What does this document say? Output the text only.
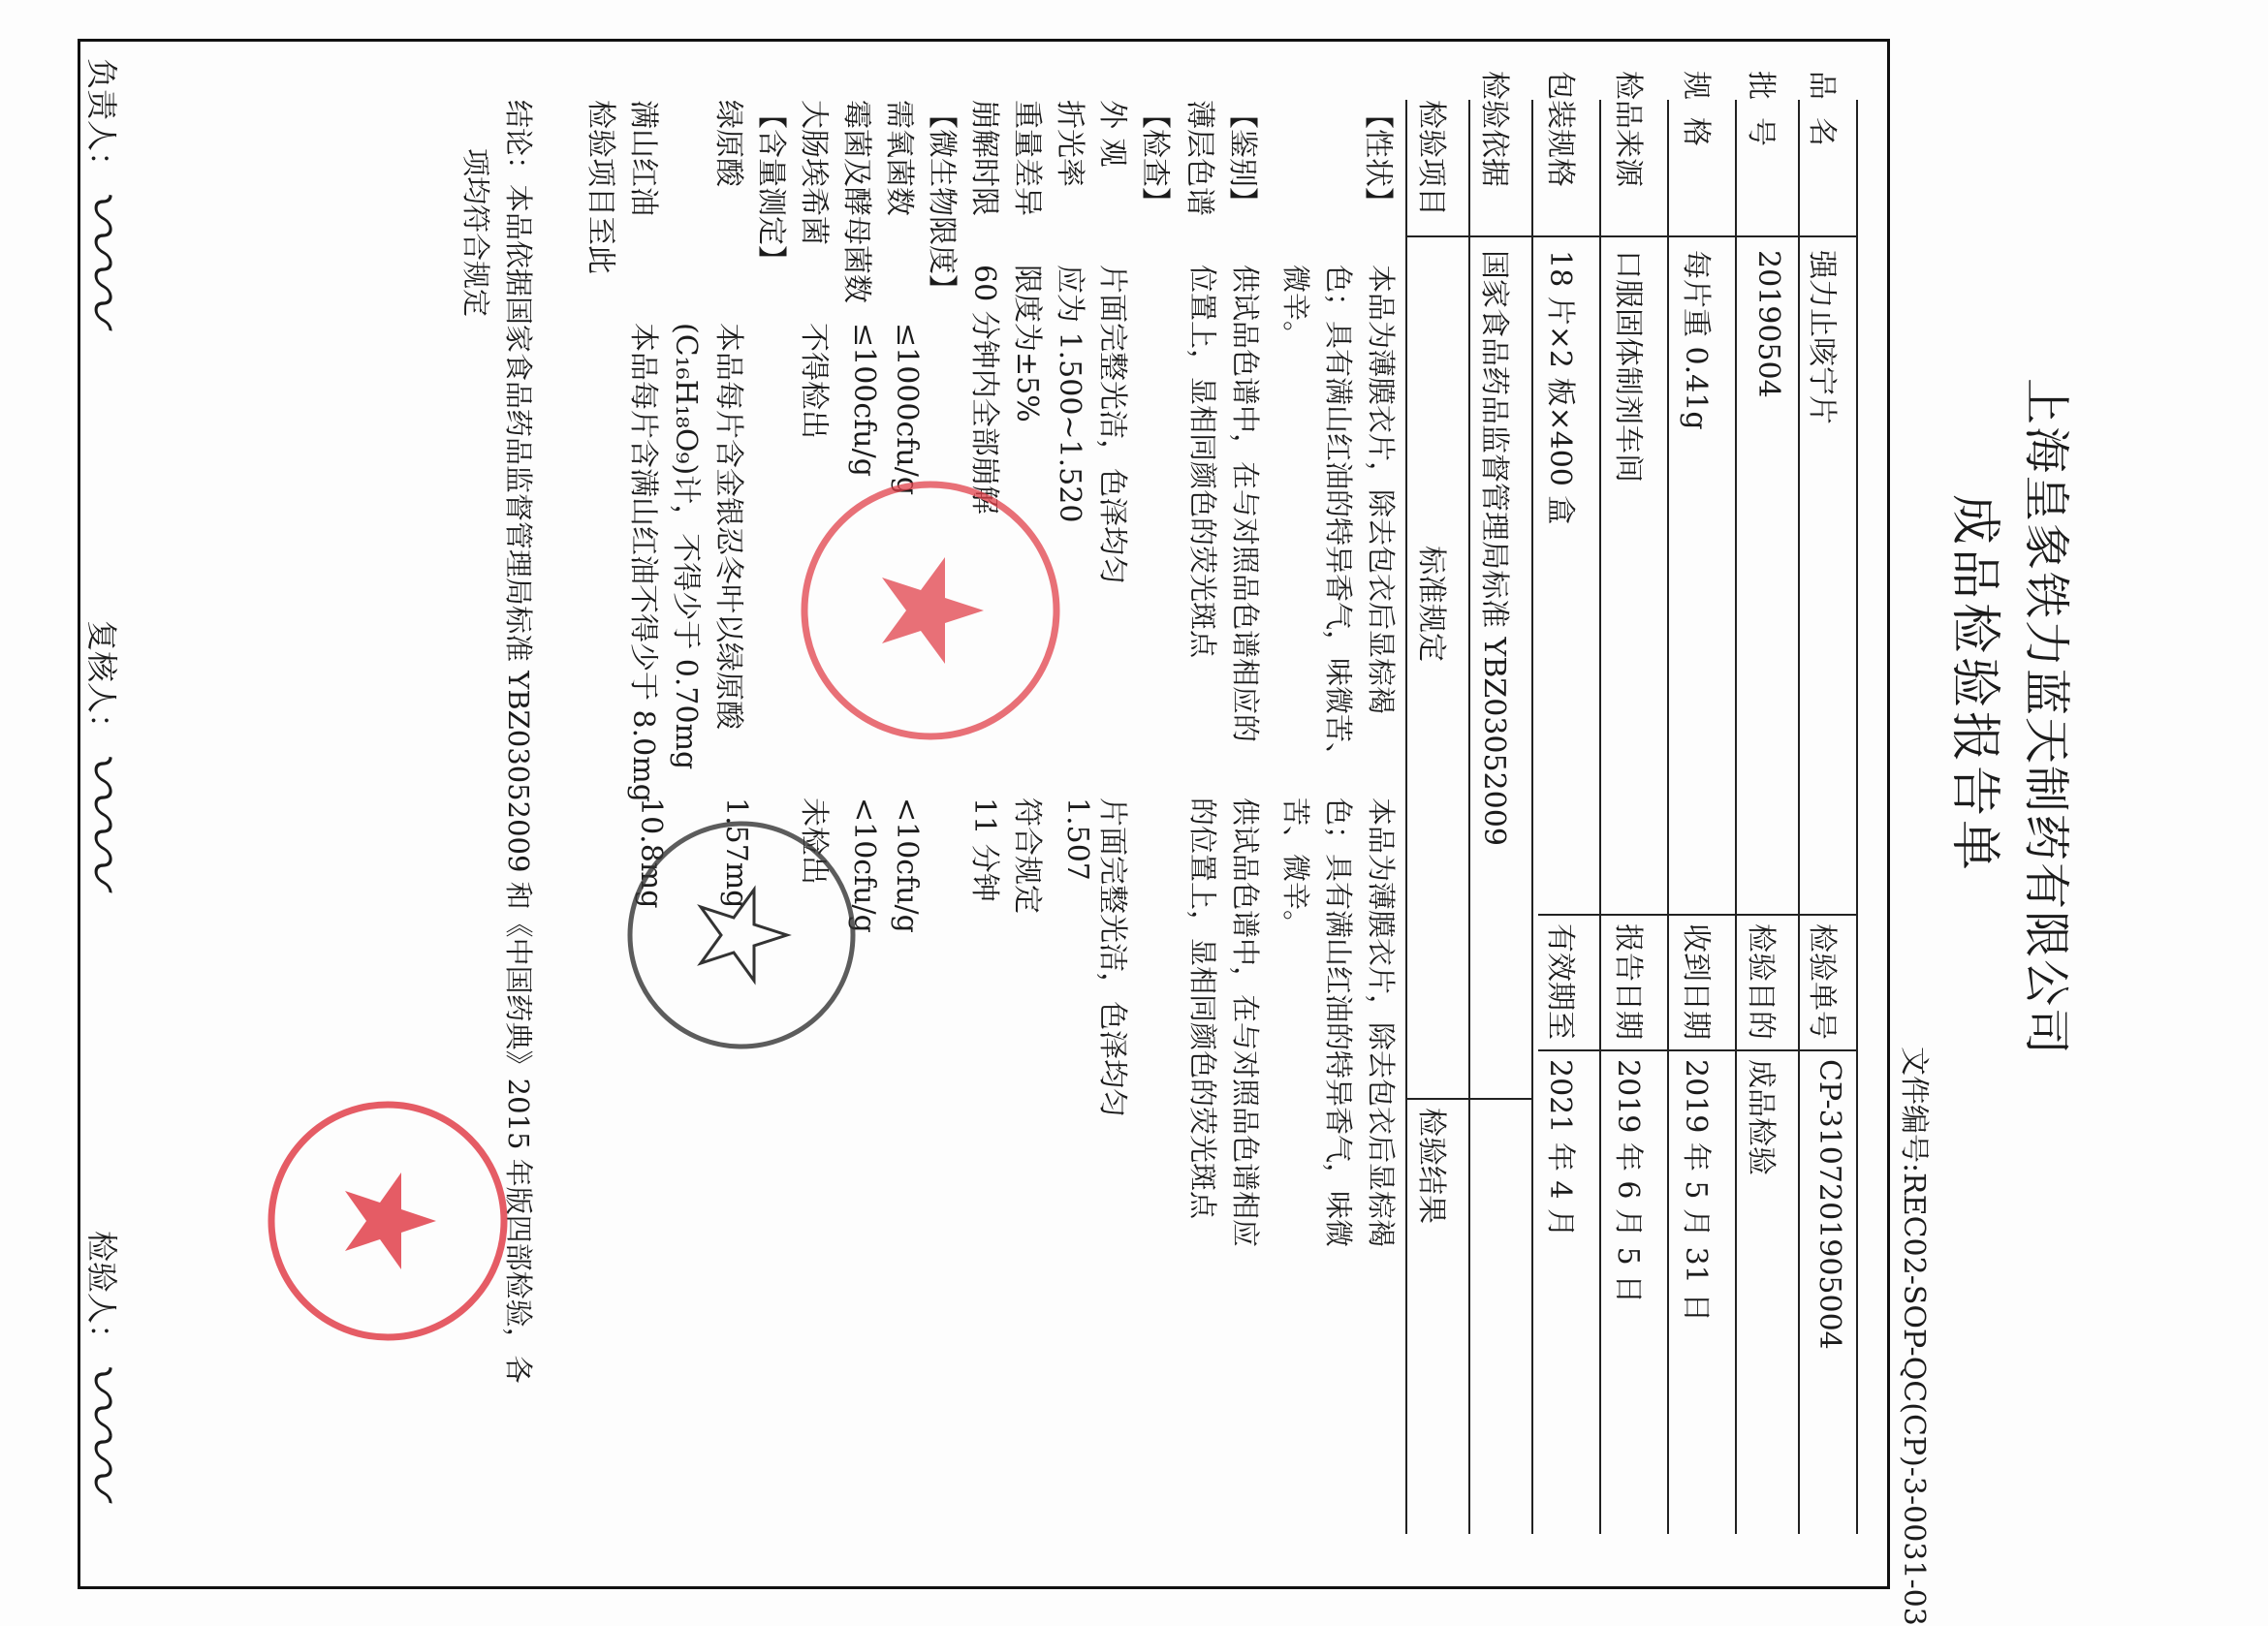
上海皇象铁力蓝天制药有限公司
成品检验报告单
文件编号:REC02-SOP-QC(CP)-3-0031-03
品名
强力止咳宁片
检验单号
CP-3107201905004
批号
20190504
检验目的
成品检验
规格
每片重 0.41g
收到日期
2019 年 5 月 31 日
检品来源
口服固体制剂车间
报告日期
2019 年 6 月 5 日
包装规格
18 片×2 板×400 盒
有效期至
2021 年 4 月
检验依据
国家食品药品监督管理局标准 YBZ03052009
检验项目
标准规定
检验结果
【性状】
本品为薄膜衣片，除去包衣后显棕褐
色；具有满山红油的特异香气，味微苦、
微辛。
本品为薄膜衣片，除去包衣后显棕褐
色；具有满山红油的特异香气，味微
苦、微辛。
【鉴别】
薄层色谱
供试品色谱中，在与对照品色谱相应的
位置上，显相同颜色的荧光斑点
供试品色谱中，在与对照品色谱相应
的位置上，显相同颜色的荧光斑点
【检查】
外 观
片面完整光洁，色泽均匀
片面完整光洁，色泽均匀
折光率
应为 1.500~1.520
1.507
重量差异
限度为±5%
符合规定
崩解时限
60 分钟内全部崩解
11 分钟
【微生物限度】
需氧菌数
≤1000cfu/g
<10cfu/g
霉菌及酵母菌数
≤100cfu/g
<10cfu/g
大肠埃希菌
不得检出
未检出
【含量测定】
绿原酸
本品每片含金银忍冬叶以绿原酸
1.57mg
(C₁₆H₁₈O₉)计，不得少于 0.70mg
满山红油
本品每片含满山红油不得少于 8.0mg
10.8mg
检验项目至此
结论：本品依据国家食品药品监督管理局标准 YBZ03052009 和《中国药典》2015 年版四部检验，各
项均符合规定
负责人：
复核人：
检验人：
〰〰
〰〰
〰〰
